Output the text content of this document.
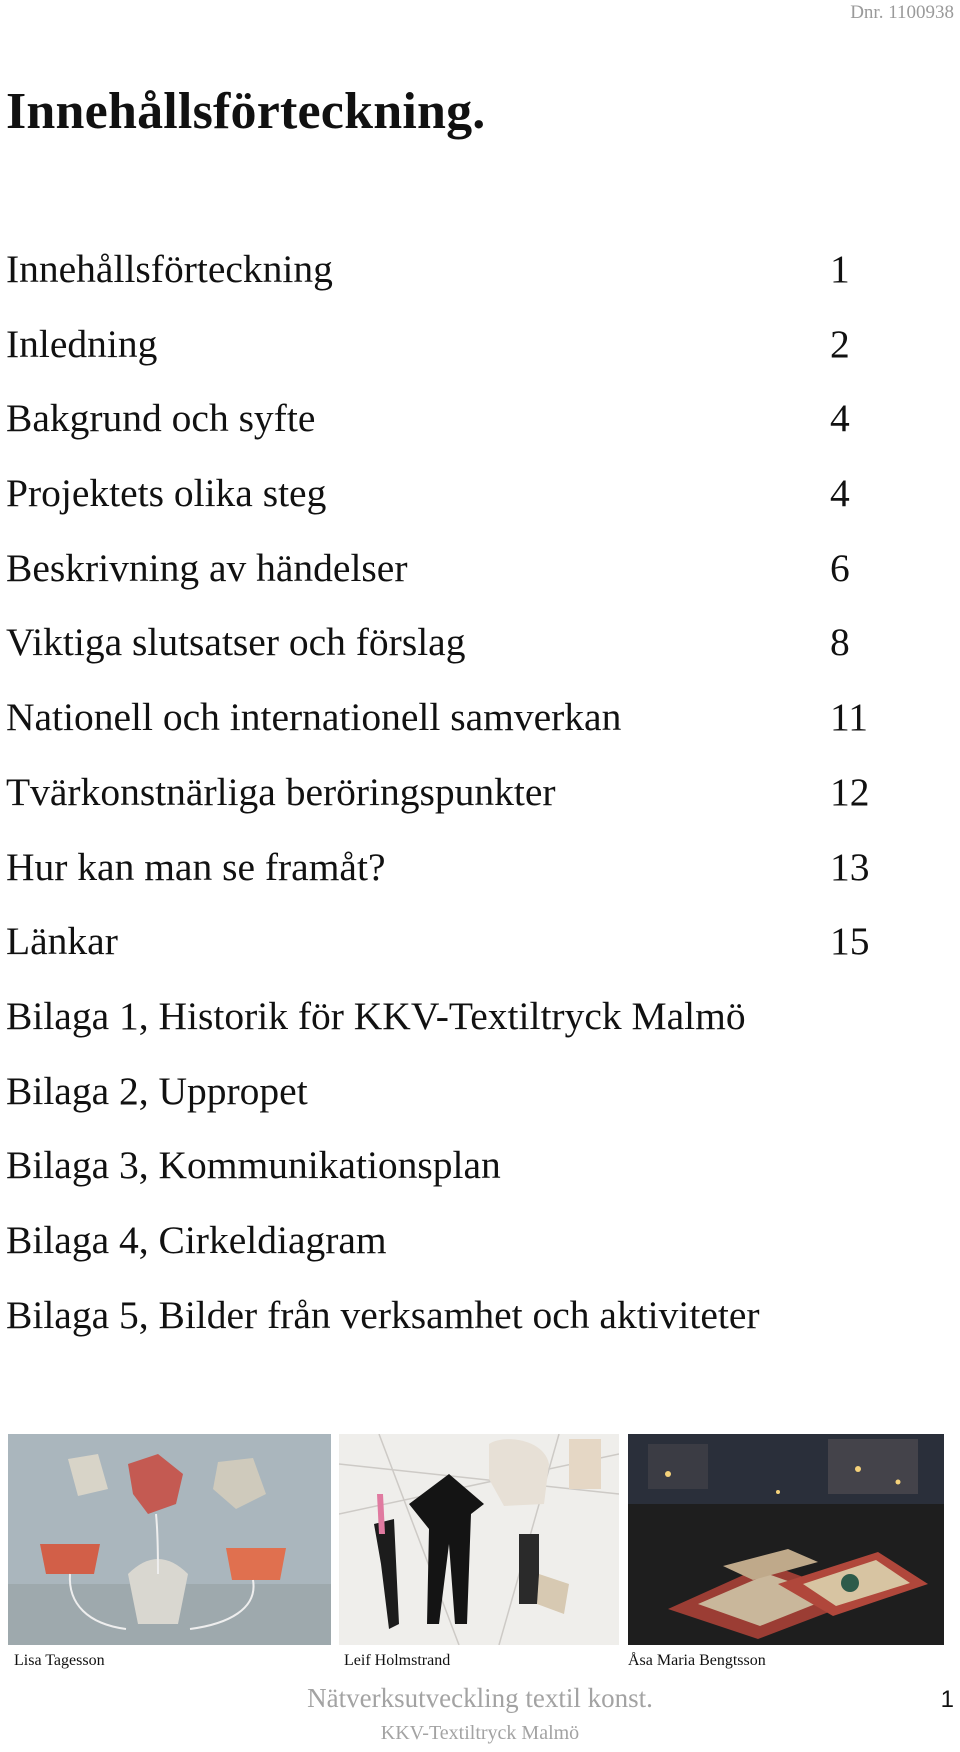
Dnr. 1100938
Innehållsförteckning.
Innehållsförteckning	1
Inledning	2
Bakgrund och syfte	4
Projektets olika steg	4
Beskrivning av händelser	6
Viktiga slutsatser och förslag	8
Nationell och internationell samverkan	11
Tvärkonstnärliga beröringspunkter	12
Hur kan man se framåt?	13
Länkar	15
Bilaga 1, Historik för KKV-Textiltryck Malmö
Bilaga 2, Uppropet
Bilaga 3, Kommunikationsplan
Bilaga 4, Cirkeldiagram
Bilaga 5, Bilder från verksamhet och aktiviteter
Lisa Tagesson	Leif Holmstrand	Åsa Maria Bengtsson
Nätverksutveckling textil konst.
KKV-Textiltryck Malmö
1
